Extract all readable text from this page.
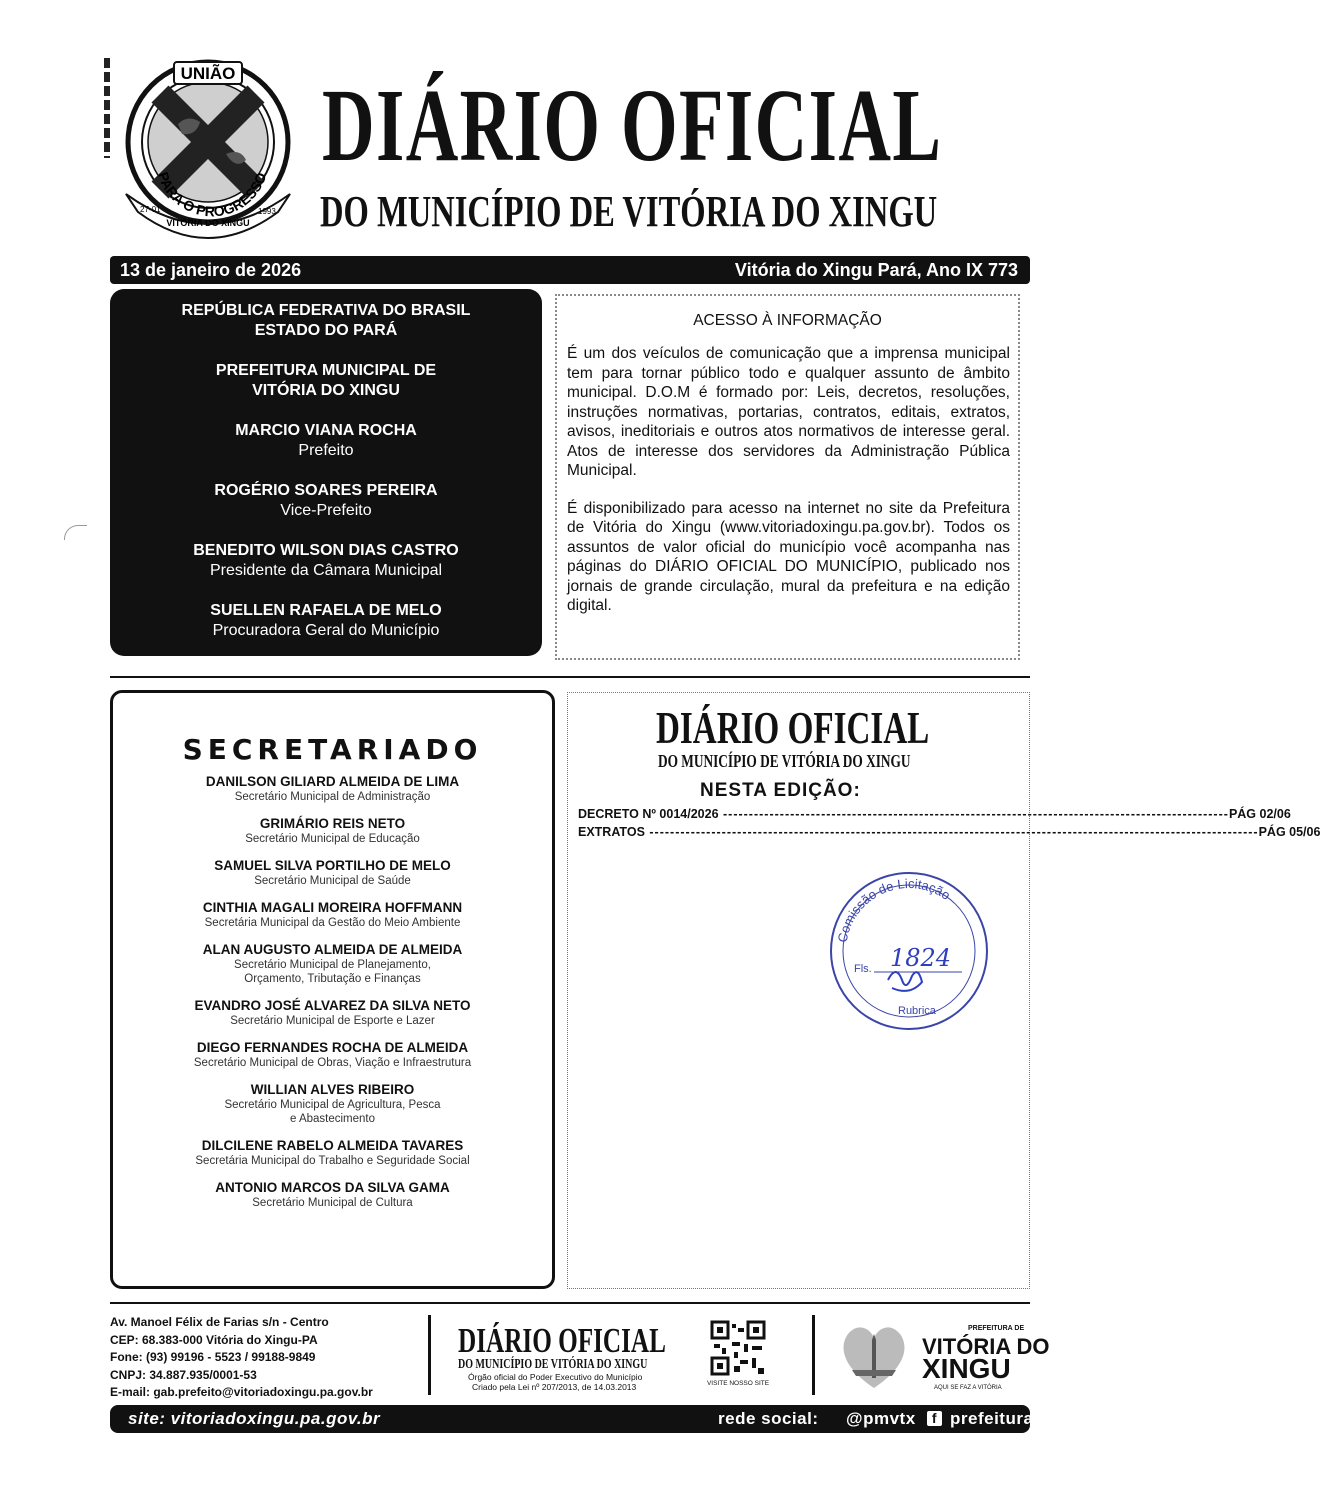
UNIÃO
PARA O PROGRESSO
VITÓRIA DO XINGU
27-01	1993
DIÁRIO OFICIAL
DO MUNICÍPIO DE VITÓRIA DO XINGU
13 de janeiro de 2026	Vitória do Xingu Pará, Ano IX 773
REPÚBLICA FEDERATIVA DO BRASIL
ESTADO DO PARÁ
PREFEITURA MUNICIPAL DE
VITÓRIA DO XINGU
MARCIO VIANA ROCHA
Prefeito
ROGÉRIO SOARES PEREIRA
Vice-Prefeito
BENEDITO WILSON DIAS CASTRO
Presidente da Câmara Municipal
SUELLEN RAFAELA DE MELO
Procuradora Geral do Município
ACESSO À INFORMAÇÃO

É um dos veículos de comunicação que a imprensa municipal tem para tornar público todo e qualquer assunto de âmbito municipal. D.O.M é formado por: Leis, decretos, resoluções, instruções normativas, portarias, contratos, editais, extratos, avisos, ineditoriais e outros atos normativos de interesse geral. Atos de interesse dos servidores da Administração Pública Municipal.

É disponibilizado para acesso na internet no site da Prefeitura de Vitória do Xingu (www.vitoriadoxingu.pa.gov.br). Todos os assuntos de valor oficial do município você acompanha nas páginas do DIÁRIO OFICIAL DO MUNICÍPIO, publicado nos jornais de grande circulação, mural da prefeitura e na edição digital.

SECRETARIADO
DANILSON GILIARD ALMEIDA DE LIMA
Secretário Municipal de Administração
GRIMÁRIO REIS NETO
Secretário Municipal de Educação
SAMUEL SILVA PORTILHO DE MELO
Secretário Municipal de Saúde
CINTHIA MAGALI MOREIRA HOFFMANN
Secretária Municipal da Gestão do Meio Ambiente
ALAN AUGUSTO ALMEIDA DE ALMEIDA
Secretário Municipal de Planejamento,
Orçamento, Tributação e Finanças
EVANDRO JOSÉ ALVAREZ DA SILVA NETO
Secretário Municipal de Esporte e Lazer
DIEGO FERNANDES ROCHA DE ALMEIDA
Secretário Municipal de Obras, Viação e Infraestrutura
WILLIAN ALVES RIBEIRO
Secretário Municipal de Agricultura, Pesca
e Abastecimento
DILCILENE RABELO ALMEIDA TAVARES
Secretária Municipal do Trabalho e Seguridade Social
ANTONIO MARCOS DA SILVA GAMA
Secretário Municipal de Cultura
DIÁRIO OFICIAL
DO MUNICÍPIO DE VITÓRIA DO XINGU
NESTA EDIÇÃO:
DECRETO Nº 0014/2026 -------------------------------------------------------------------------------------------------- PÁG 02/06
EXTRATOS ---------------------------------------------------------------------------------------------------------------------- PÁG 05/06
Comissão de Licitação
Fls. 1824
Rubrica
Av. Manoel Félix de Farias s/n - Centro
CEP: 68.383-000 Vitória do Xingu-PA
Fone: (93) 99196 - 5523 / 99188-9849
CNPJ: 34.887.935/0001-53
E-mail: gab.prefeito@vitoriadoxingu.pa.gov.br
DIÁRIO OFICIAL
DO MUNICÍPIO DE VITÓRIA DO XINGU
Órgão oficial do Poder Executivo do Município
Criado pela Lei nº 207/2013, de 14.03.2013	VISITE NOSSO SITE
PREFEITURA DE
VITÓRIA DO
XINGU
AQUI SE FAZ A VITÓRIA
site: vitoriadoxingu.pa.gov.br	rede social: @pmvtx	f prefeitura_vx
